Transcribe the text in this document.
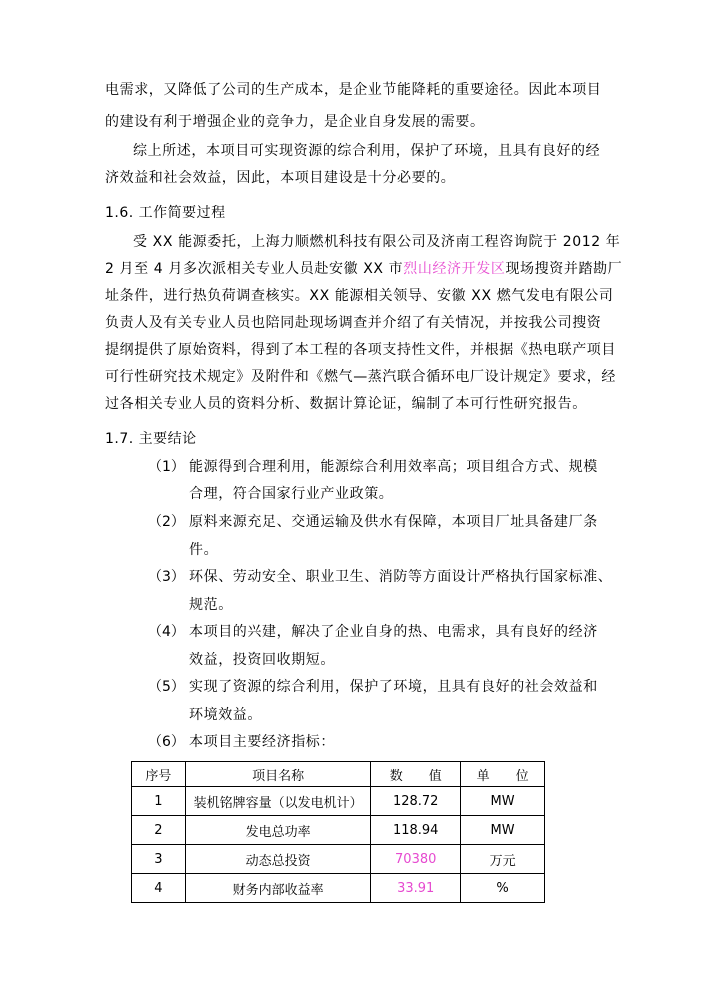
电需求，又降低了公司的生产成本，是企业节能降耗的重要途径。因此本项目
的建设有利于增强企业的竞争力，是企业自身发展的需要。
综上所述，本项目可实现资源的综合利用，保护了环境，且具有良好的经
济效益和社会效益，因此，本项目建设是十分必要的。
1.6. 工作简要过程
受 XX 能源委托，上海力顺燃机科技有限公司及济南工程咨询院于 2012 年
2 月至 4 月多次派相关专业人员赴安徽 XX 市烈山经济开发区现场搜资并踏勘厂
址条件，进行热负荷调查核实。XX 能源相关领导、安徽 XX 燃气发电有限公司
负责人及有关专业人员也陪同赴现场调查并介绍了有关情况，并按我公司搜资
提纲提供了原始资料，得到了本工程的各项支持性文件，并根据《热电联产项目
可行性研究技术规定》及附件和《燃气—蒸汽联合循环电厂设计规定》要求，经
过各相关专业人员的资料分析、数据计算论证，编制了本可行性研究报告。
1.7. 主要结论
（1） 能源得到合理利用，能源综合利用效率高；项目组合方式、规模
合理，符合国家行业产业政策。
（2） 原料来源充足、交通运输及供水有保障，本项目厂址具备建厂条
件。
（3） 环保、劳动安全、职业卫生、消防等方面设计严格执行国家标准、
规范。
（4） 本项目的兴建，解决了企业自身的热、电需求，具有良好的经济
效益，投资回收期短。
（5） 实现了资源的综合利用，保护了环境，且具有良好的社会效益和
环境效益。
（6） 本项目主要经济指标：
序号	项目名称	数　　值	单　　位
1	装机铭牌容量（以发电机计）	128.72	MW
2	发电总功率	118.94	MW
3	动态总投资	70380	万元
4	财务内部收益率	33.91	%
